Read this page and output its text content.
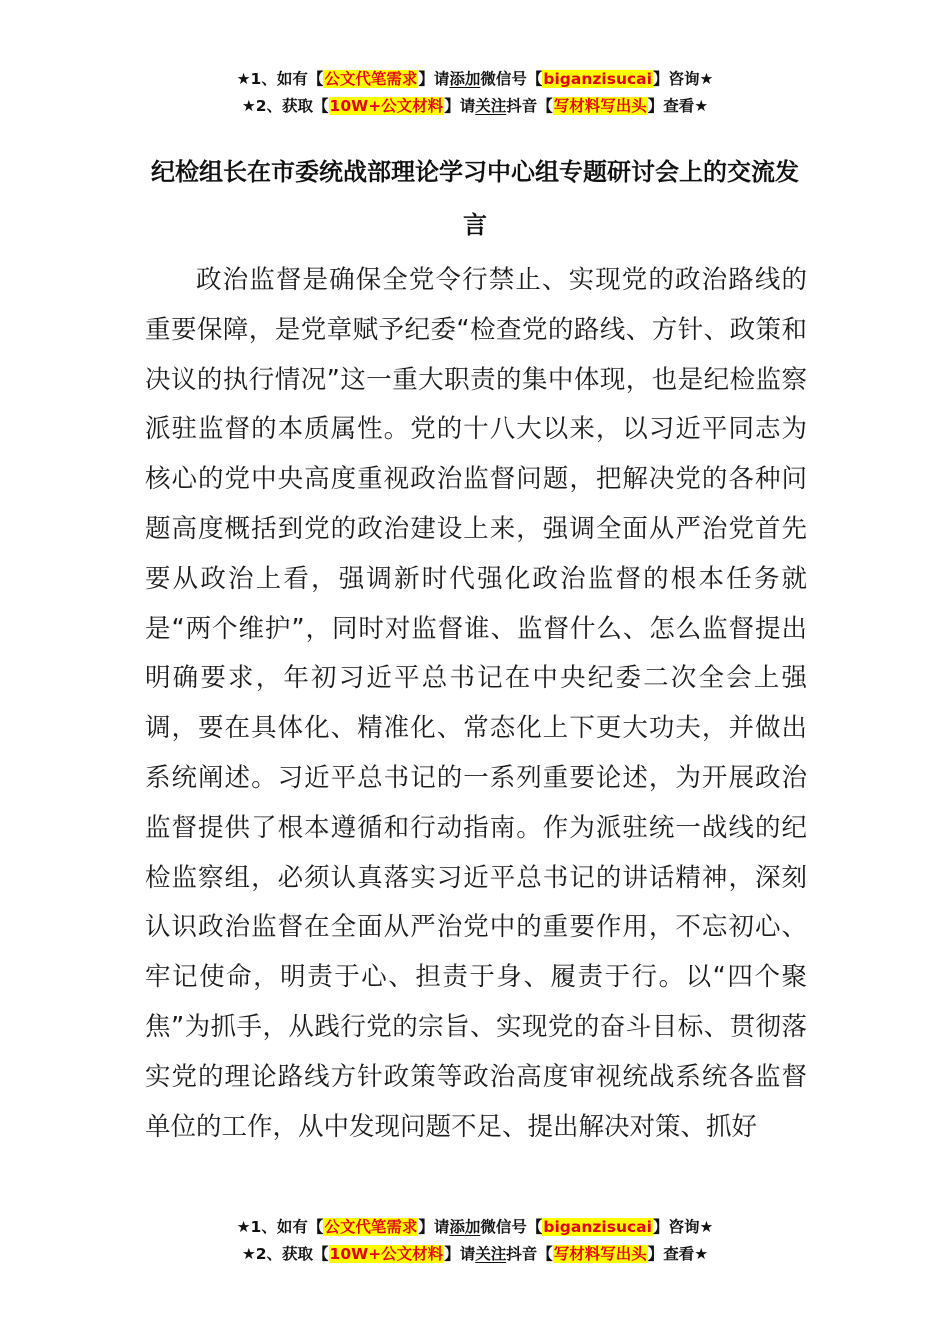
★1、如有【公文代笔需求】请添加微信号【biganzisucai】咨询★
★2、获取【10W+公文材料】请关注抖音【写材料写出头】查看★
纪检组长在市委统战部理论学习中心组专题研讨会上的交流发言

政治监督是确保全党令行禁止、实现党的政治路线的重要保障，是党章赋予纪委“检查党的路线、方针、政策和决议的执行情况”这一重大职责的集中体现，也是纪检监察派驻监督的本质属性。党的十八大以来，以习近平同志为核心的党中央高度重视政治监督问题，把解决党的各种问题高度概括到党的政治建设上来，强调全面从严治党首先要从政治上看，强调新时代强化政治监督的根本任务就是“两个维护”，同时对监督谁、监督什么、怎么监督提出明确要求，年初习近平总书记在中央纪委二次全会上强调，要在具体化、精准化、常态化上下更大功夫，并做出系统阐述。习近平总书记的一系列重要论述，为开展政治监督提供了根本遵循和行动指南。作为派驻统一战线的纪检监察组，必须认真落实习近平总书记的讲话精神，深刻认识政治监督在全面从严治党中的重要作用，不忘初心、牢记使命，明责于心、担责于身、履责于行。以“四个聚焦”为抓手，从践行党的宗旨、实现党的奋斗目标、贯彻落实党的理论路线方针政策等政治高度审视统战系统各监督单位的工作，从中发现问题不足、提出解决对策、抓好

★1、如有【公文代笔需求】请添加微信号【biganzisucai】咨询★
★2、获取【10W+公文材料】请关注抖音【写材料写出头】查看★
